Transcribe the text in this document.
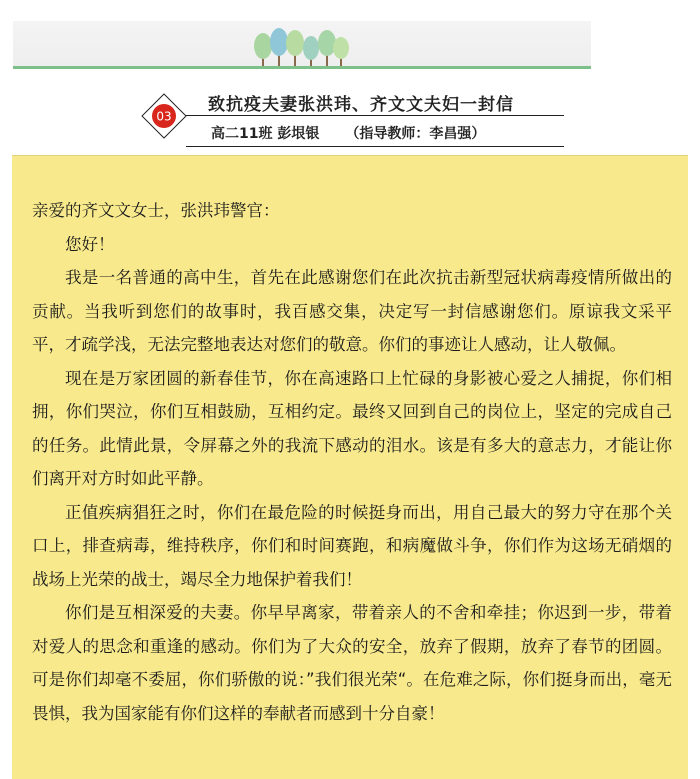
03
致抗疫夫妻张洪玮、齐文文夫妇一封信
高二11班 彭垠银 （指导教师：李昌强）

亲爱的齐文文女士，张洪玮警官：

您好！

我是一名普通的高中生，首先在此感谢您们在此次抗击新型冠状病毒疫情所做出的贡献。当我听到您们的故事时，我百感交集，决定写一封信感谢您们。原谅我文采平平，才疏学浅，无法完整地表达对您们的敬意。你们的事迹让人感动，让人敬佩。

现在是万家团圆的新春佳节，你在高速路口上忙碌的身影被心爱之人捕捉，你们相拥，你们哭泣，你们互相鼓励，互相约定。最终又回到自己的岗位上，坚定的完成自己的任务。此情此景，令屏幕之外的我流下感动的泪水。该是有多大的意志力，才能让你们离开对方时如此平静。

正值疾病猖狂之时，你们在最危险的时候挺身而出，用自己最大的努力守在那个关口上，排查病毒，维持秩序，你们和时间赛跑，和病魔做斗争，你们作为这场无硝烟的战场上光荣的战士，竭尽全力地保护着我们！

你们是互相深爱的夫妻。你早早离家，带着亲人的不舍和牵挂；你迟到一步，带着对爱人的思念和重逢的感动。你们为了大众的安全，放弃了假期，放弃了春节的团圆。可是你们却毫不委屈，你们骄傲的说：”我们很光荣“。在危难之际，你们挺身而出，毫无畏惧，我为国家能有你们这样的奉献者而感到十分自豪！
